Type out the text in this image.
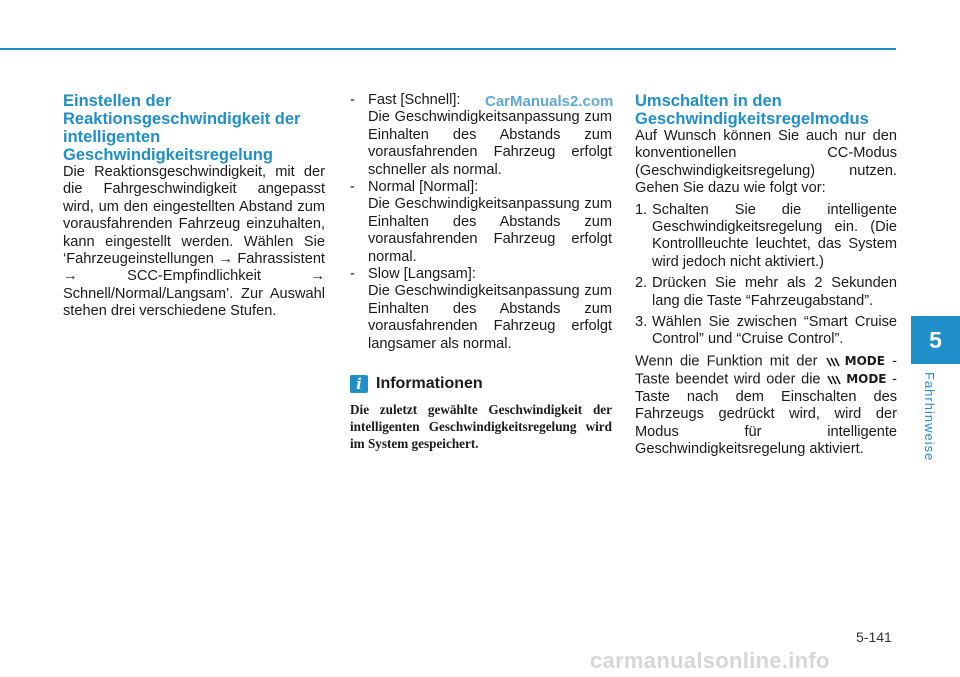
Einstellen der Reaktionsgeschwindigkeit der intelligenten Geschwindigkeitsregelung

Die Reaktionsgeschwindigkeit, mit der die Fahrgeschwindigkeit angepasst wird, um den eingestellten Abstand zum vorausfahrenden Fahrzeug einzuhalten, kann eingestellt werden. Wählen Sie ‘Fahrzeugeinstellungen → Fahrassistent → SCC-Empfindlichkeit → Schnell/Normal/Langsam’. Zur Auswahl stehen drei verschiedene Stufen.

CarManuals2.com
- Fast [Schnell]:

Die Geschwindigkeitsanpassung zum Einhalten des Abstands zum vorausfahrenden Fahrzeug erfolgt schneller als normal.

- Normal [Normal]:

Die Geschwindigkeitsanpassung zum Einhalten des Abstands zum vorausfahrenden Fahrzeug erfolgt normal.

- Slow [Langsam]:

Die Geschwindigkeitsanpassung zum Einhalten des Abstands zum vorausfahrenden Fahrzeug erfolgt langsamer als normal.

i Informationen

Die zuletzt gewählte Geschwindigkeit der intelligenten Geschwindigkeitsregelung wird im System gespeichert.

Umschalten in den Geschwindigkeitsregelmodus

Auf Wunsch können Sie auch nur den konventionellen CC-Modus (Geschwindigkeitsregelung) nutzen. Gehen Sie dazu wie folgt vor:

1. Schalten Sie die intelligente Geschwindigkeitsregelung ein. (Die Kontrollleuchte leuchtet, das System wird jedoch nicht aktiviert.)
2. Drücken Sie mehr als 2 Sekunden lang die Taste “Fahrzeugabstand”.
3. Wählen Sie zwischen “Smart Cruise Control” und “Cruise Control”.

Wenn die Funktion mit der MODE -Taste beendet wird oder die MODE -Taste nach dem Einschalten des Fahrzeugs gedrückt wird, wird der Modus für intelligente Geschwindigkeitsregelung aktiviert.

5
Fahrhinweise
5-141
carmanualsonline.info
